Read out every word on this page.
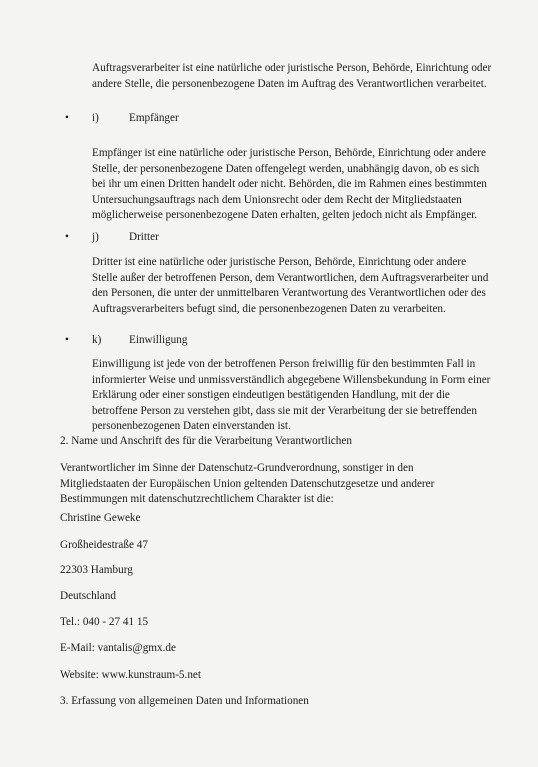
Auftragsverarbeiter ist eine natürliche oder juristische Person, Behörde, Einrichtung oder andere Stelle, die personenbezogene Daten im Auftrag des Verantwortlichen verarbeitet.

• i)	Empfänger

Empfänger ist eine natürliche oder juristische Person, Behörde, Einrichtung oder andere Stelle, der personenbezogene Daten offengelegt werden, unabhängig davon, ob es sich bei ihr um einen Dritten handelt oder nicht. Behörden, die im Rahmen eines bestimmten Untersuchungsauftrags nach dem Unionsrecht oder dem Recht der Mitgliedstaaten möglicherweise personenbezogene Daten erhalten, gelten jedoch nicht als Empfänger.

• j)	Dritter

Dritter ist eine natürliche oder juristische Person, Behörde, Einrichtung oder andere Stelle außer der betroffenen Person, dem Verantwortlichen, dem Auftragsverarbeiter und den Personen, die unter der unmittelbaren Verantwortung des Verantwortlichen oder des Auftragsverarbeiters befugt sind, die personenbezogenen Daten zu verarbeiten.

• k) Einwilligung

Einwilligung ist jede von der betroffenen Person freiwillig für den bestimmten Fall in informierter Weise und unmissverständlich abgegebene Willensbekundung in Form einer Erklärung oder einer sonstigen eindeutigen bestätigenden Handlung, mit der die betroffene Person zu verstehen gibt, dass sie mit der Verarbeitung der sie betreffenden personenbezogenen Daten einverstanden ist.

2. Name und Anschrift des für die Verarbeitung Verantwortlichen

Verantwortlicher im Sinne der Datenschutz-Grundverordnung, sonstiger in den Mitgliedstaaten der Europäischen Union geltenden Datenschutzgesetze und anderer Bestimmungen mit datenschutzrechtlichem Charakter ist die:

Christine Geweke
Großheidestraße 47
22303 Hamburg
Deutschland
Tel.: 040 - 27 41 15
E-Mail: vantalis@gmx.de
Website: www.kunstraum-5.net
3. Erfassung von allgemeinen Daten und Informationen
